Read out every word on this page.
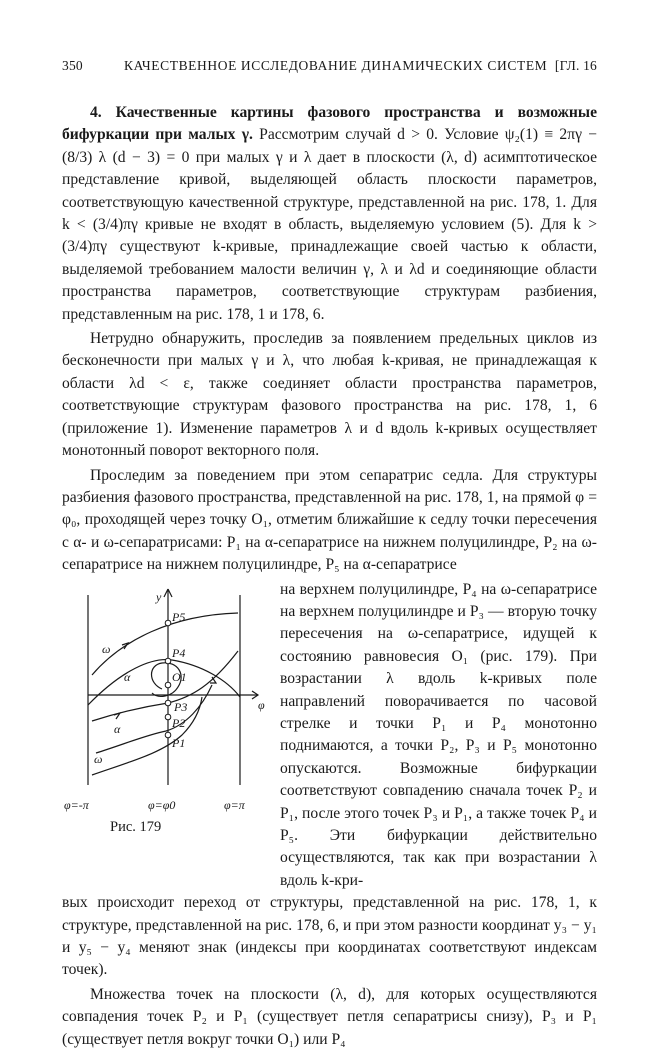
350	КАЧЕСТВЕННОЕ ИССЛЕДОВАНИЕ ДИНАМИЧЕСКИХ СИСТЕМ [ГЛ. 16

4. Качественные картины фазового пространства и возможные бифуркации при малых γ. Рассмотрим случай d > 0. Условие ψ₂(1) ≡ 2πγ − (8/3) λ (d − 3) = 0 при малых γ и λ дает в плоскости (λ, d) асимптотическое представление кривой, выделяющей область плоскости параметров, соответствующую качественной структуре, представленной на рис. 178, 1. Для k < (3/4)πγ кривые не входят в область, выделяемую условием (5). Для k > (3/4)πγ существуют k-кривые, принадлежащие своей частью к области, выделяемой требованием малости величин γ, λ и λd и соединяющие области пространства параметров, соответствующие структурам разбиения, представленным на рис. 178, 1 и 178, 6.

Нетрудно обнаружить, проследив за появлением предельных циклов из бесконечности при малых γ и λ, что любая k-кривая, не принадлежащая к области λd < ε, также соединяет области пространства параметров, соответствующие структурам фазового пространства на рис. 178, 1, 6 (приложение 1). Изменение параметров λ и d вдоль k-кривых осуществляет монотонный поворот векторного поля.

Проследим за поведением при этом сепаратрис седла. Для структуры разбиения фазового пространства, представленной на рис. 178, 1, на прямой φ = φ₀, проходящей через точку O₁, отметим ближайшие к седлу точки пересечения с α- и ω-сепаратрисами: P₁ на α-сепаратрисе на нижнем полуцилиндре, P₂ на ω-сепаратрисе на нижнем полуцилиндре, P₅ на α-сепаратрисе

y
φ
ω
ω
α
α
P5
P4
O1
P3
P2
P1
φ=-π	φ=φ0	φ=π
Рис. 179

на верхнем полуцилиндре, P₄ на ω-сепаратрисе на верхнем полуцилиндре и P₃ — вторую точку пересечения на ω-сепаратрисе, идущей к состоянию равновесия O₁ (рис. 179). При возрастании λ вдоль k-кривых поле направлений поворачивается по часовой стрелке и точки P₁ и P₄ монотонно поднимаются, а точки P₂, P₃ и P₅ монотонно опускаются. Возможные бифуркации соответствуют совпадению сначала точек P₂ и P₁, после этого точек P₃ и P₁, а также точек P₄ и P₅. Эти бифуркации действительно осуществляются, так как при возрастании λ вдоль k-кри-

вых происходит переход от структуры, представленной на рис. 178, 1, к структуре, представленной на рис. 178, 6, и при этом разности координат y₃ − y₁ и y₅ − y₄ меняют знак (индексы при координатах соответствуют индексам точек).

Множества точек на плоскости (λ, d), для которых осуществляются совпадения точек P₂ и P₁ (существует петля сепаратрисы снизу), P₃ и P₁ (существует петля вокруг точки O₁) или P₄
